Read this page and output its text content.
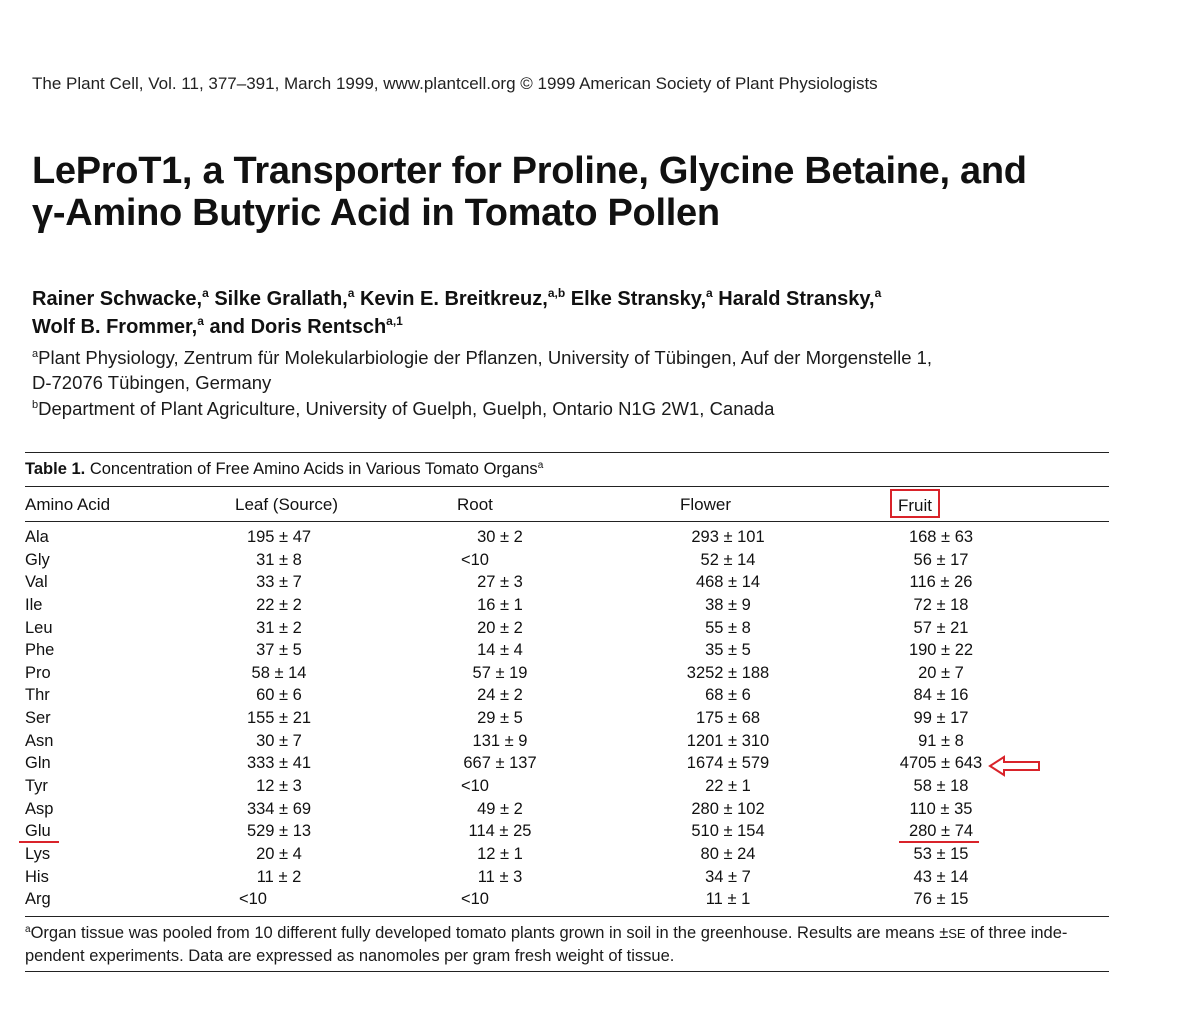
The Plant Cell, Vol. 11, 377–391, March 1999, www.plantcell.org © 1999 American Society of Plant Physiologists
LeProT1, a Transporter for Proline, Glycine Betaine, and
γ-Amino Butyric Acid in Tomato Pollen
Rainer Schwacke,$^a$ Silke Grallath,$^a$ Kevin E. Breitkreuz,$^{a,b}$ Elke Stransky,$^a$ Harald Stransky,$^a$
Wolf B. Frommer,$^a$ and Doris Rentsch$^{a,1}$
$^a$Plant Physiology, Zentrum für Molekularbiologie der Pflanzen, University of Tübingen, Auf der Morgenstelle 1,
D-72076 Tübingen, Germany
$^b$Department of Plant Agriculture, University of Guelph, Guelph, Ontario N1G 2W1, Canada
Table 1. Concentration of Free Amino Acids in Various Tomato Organs$^a$
Amino Acid	Leaf (Source)	Root	Flower	Fruit
Ala	195 ± 47	30 ± 2	293 ± 101	168 ± 63
Gly	31 ± 8	<10	52 ± 14	56 ± 17
Val	33 ± 7	27 ± 3	468 ± 14	116 ± 26
Ile	22 ± 2	16 ± 1	38 ± 9	72 ± 18
Leu	31 ± 2	20 ± 2	55 ± 8	57 ± 21
Phe	37 ± 5	14 ± 4	35 ± 5	190 ± 22
Pro	58 ± 14	57 ± 19	3252 ± 188	20 ± 7
Thr	60 ± 6	24 ± 2	68 ± 6	84 ± 16
Ser	155 ± 21	29 ± 5	175 ± 68	99 ± 17
Asn	30 ± 7	131 ± 9	1201 ± 310	91 ± 8
Gln	333 ± 41	667 ± 137	1674 ± 579	4705 ± 643
Tyr	12 ± 3	<10	22 ± 1	58 ± 18
Asp	334 ± 69	49 ± 2	280 ± 102	110 ± 35
Glu	529 ± 13	114 ± 25	510 ± 154	280 ± 74
Lys	20 ± 4	12 ± 1	80 ± 24	53 ± 15
His	11 ± 2	11 ± 3	34 ± 7	43 ± 14
Arg	<10	<10	11 ± 1	76 ± 15
$^a$Organ tissue was pooled from 10 different fully developed tomato plants grown in soil in the greenhouse. Results are means ±SE of three inde-
pendent experiments. Data are expressed as nanomoles per gram fresh weight of tissue.
